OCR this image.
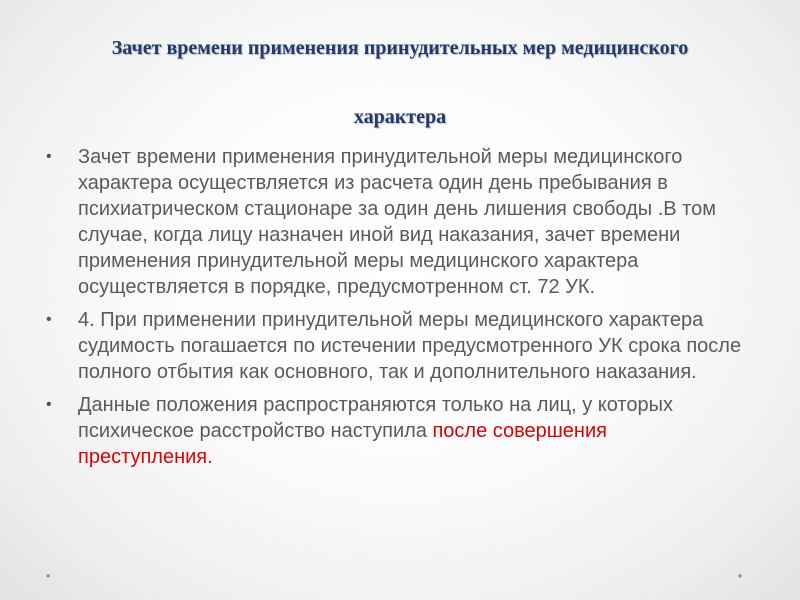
Зачет времени применения принудительных мер медицинского
характера
• Зачет времени применения принудительной меры медицинского характера осуществляется из расчета один день пребывания в психиатрическом стационаре за один день лишения свободы .В том случае, когда лицу назначен иной вид наказания, зачет времени применения принудительной меры медицинского характера осуществляется в порядке, предусмотренном ст. 72 УК.
• 4. При применении принудительной меры медицинского характера судимость погашается по истечении предусмотренного УК срока после полного отбытия как основного, так и дополнительного наказания.
• Данные положения распространяются только на лиц, у которых психическое расстройство наступила после совершения преступления.
•	•
